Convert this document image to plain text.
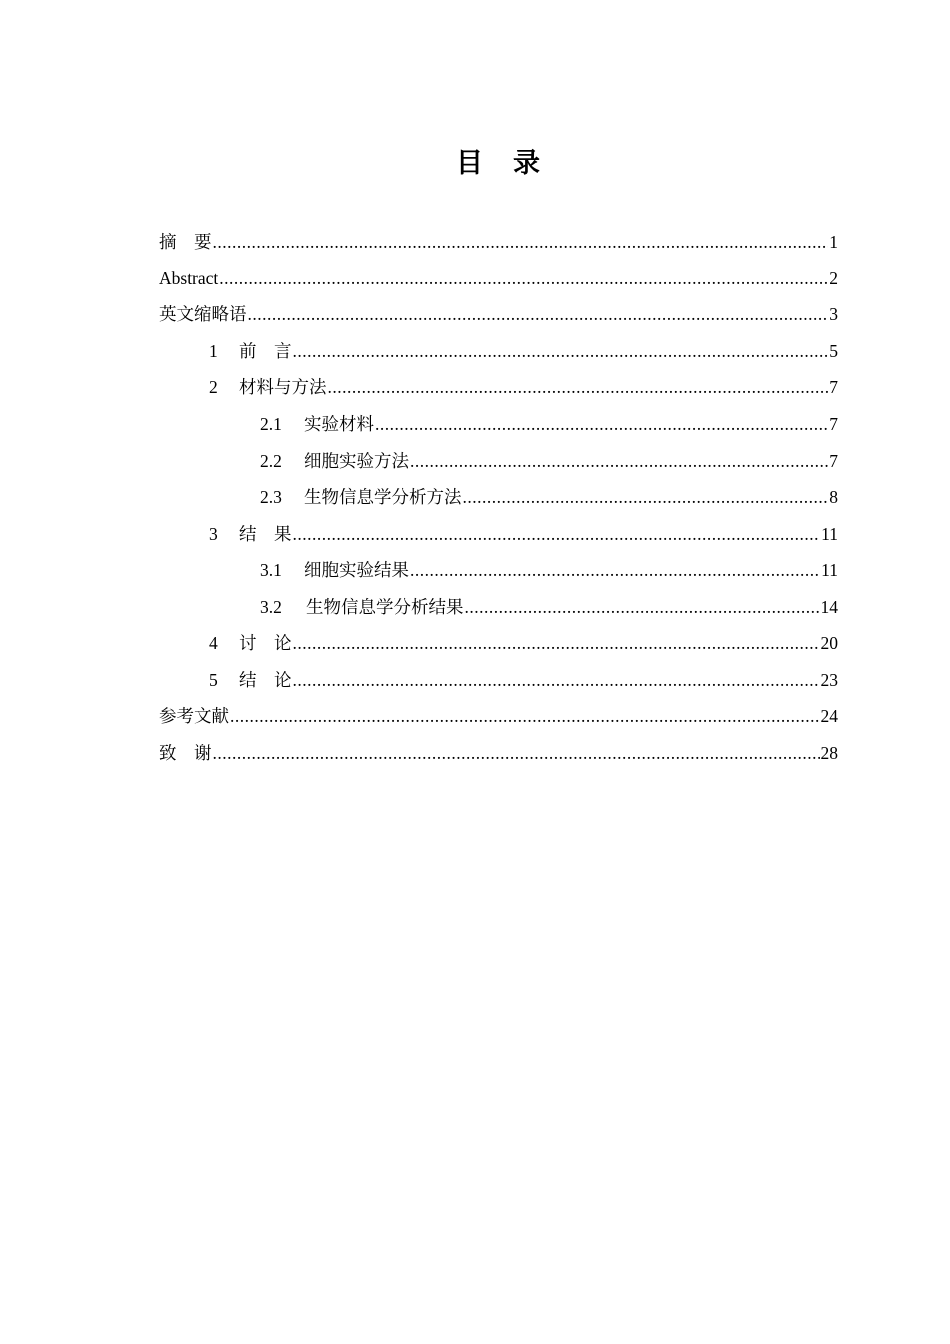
目 录
摘　要 .....	1
Abstract .....	2
英文缩略语 .....	3
1	前　言 .....	5
2	材料与方法 .....	7
2.1	实验材料 .....	7
2.2	细胞实验方法 .....	7
2.3	生物信息学分析方法 .....	8
3	结　果 .....	11
3.1	细胞实验结果 .....	11
3.2	生物信息学分析结果 .....	14
4	讨　论 .....	20
5	结　论 .....	23
参考文献 .....	24
致　谢 .....	28
